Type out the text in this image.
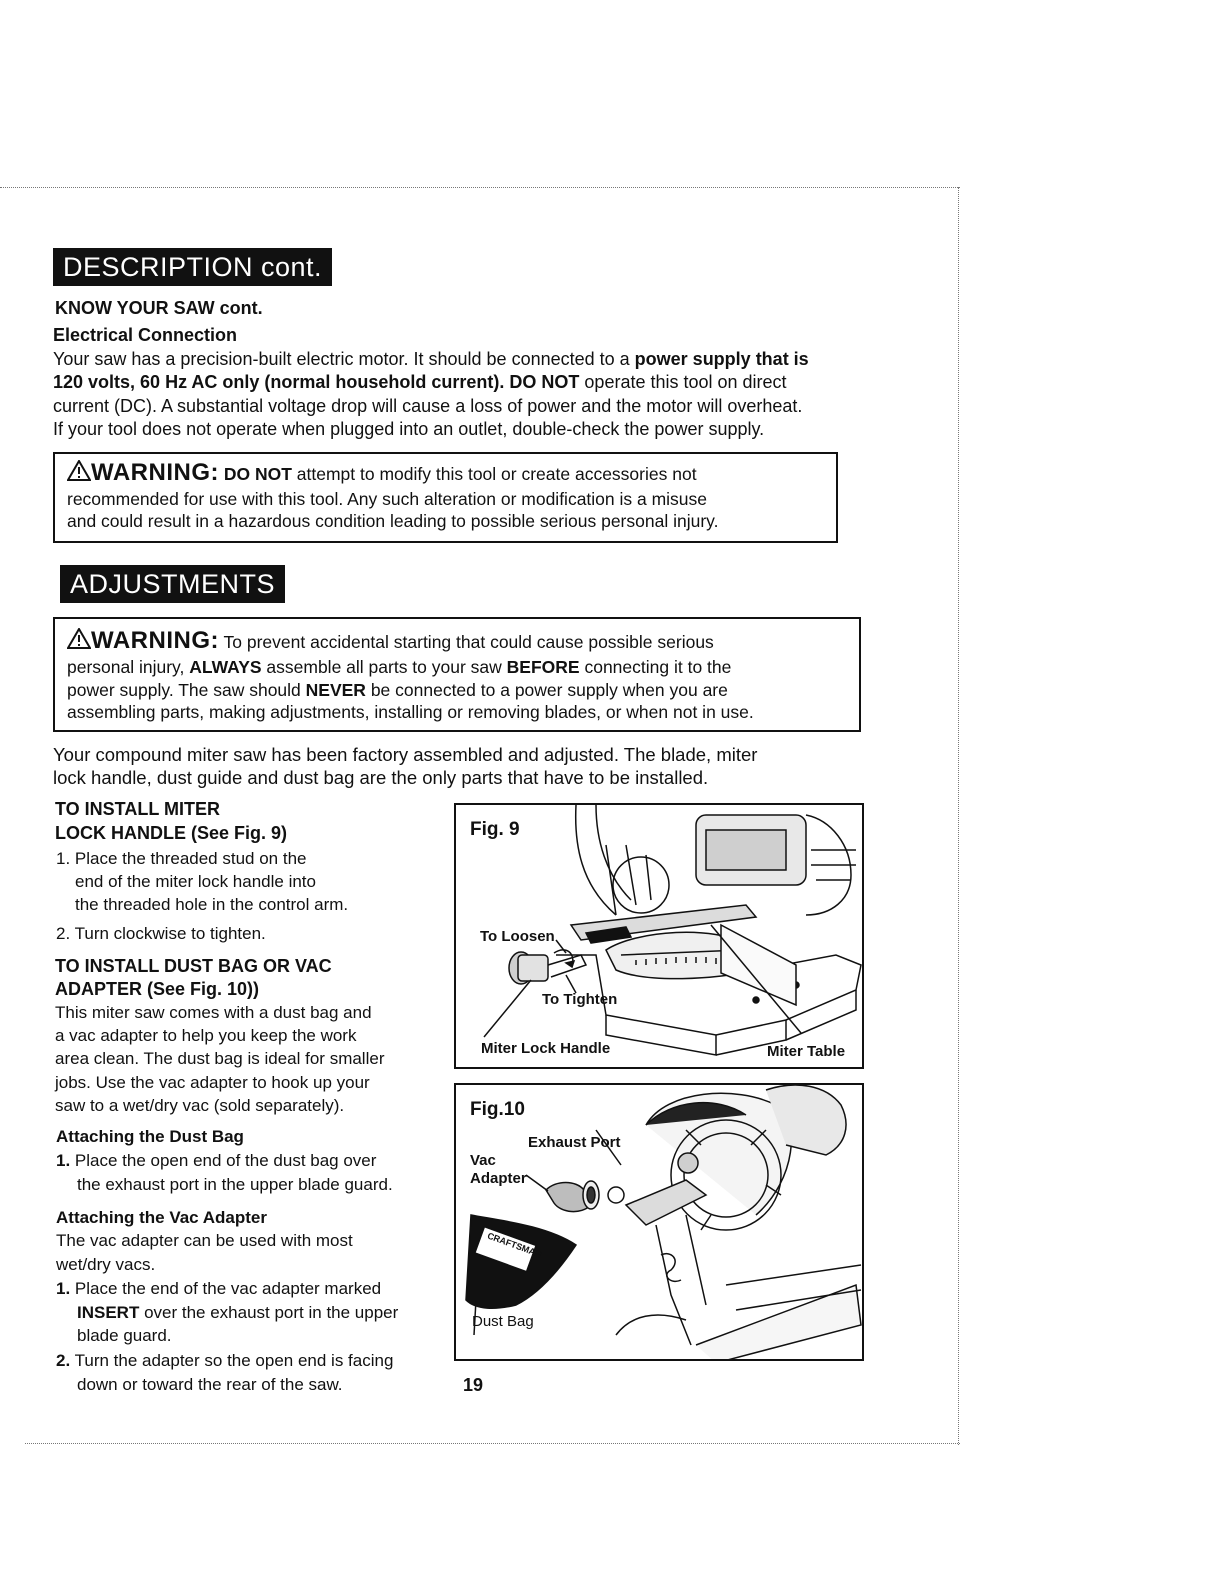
DESCRIPTION cont.
KNOW YOUR SAW cont.
Electrical Connection
Your saw has a precision-built electric motor. It should be connected to a power supply that is
120 volts, 60 Hz AC only (normal household current). DO NOT operate this tool on direct
current (DC). A substantial voltage drop will cause a loss of power and the motor will overheat.
If your tool does not operate when plugged into an outlet, double-check the power supply.
WARNING: DO NOT attempt to modify this tool or create accessories not
recommended for use with this tool. Any such alteration or modification is a misuse
and could result in a hazardous condition leading to possible serious personal injury.
ADJUSTMENTS
WARNING: To prevent accidental starting that could cause possible serious
personal injury, ALWAYS assemble all parts to your saw BEFORE connecting it to the
power supply. The saw should NEVER be connected to a power supply when you are
assembling parts, making adjustments, installing or removing blades, or when not in use.
Your compound miter saw has been factory assembled and adjusted. The blade, miter
lock handle, dust guide and dust bag are the only parts that have to be installed.
TO INSTALL MITER
LOCK HANDLE (See Fig. 9)
1. Place the threaded stud on the
end of the miter lock handle into
the threaded hole in the control arm.
2. Turn clockwise to tighten.
TO INSTALL DUST BAG OR VAC
ADAPTER (See Fig. 10))
This miter saw comes with a dust bag and
a vac adapter to help you keep the work
area clean. The dust bag is ideal for smaller
jobs. Use the vac adapter to hook up your
saw to a wet/dry vac (sold separately).
Attaching the Dust Bag
1. Place the open end of the dust bag over
the exhaust port in the upper blade guard.
Attaching the Vac Adapter
The vac adapter can be used with most
wet/dry vacs.
1. Place the end of the vac adapter marked
INSERT over the exhaust port in the upper
blade guard.
2. Turn the adapter so the open end is facing
down or toward the rear of the saw.
Fig. 9
To Loosen
To Tighten
Miter Lock Handle	Miter Table
Fig.10
Exhaust Port
Vac
Adapter
Dust Bag
CRAFTSMAN
19
